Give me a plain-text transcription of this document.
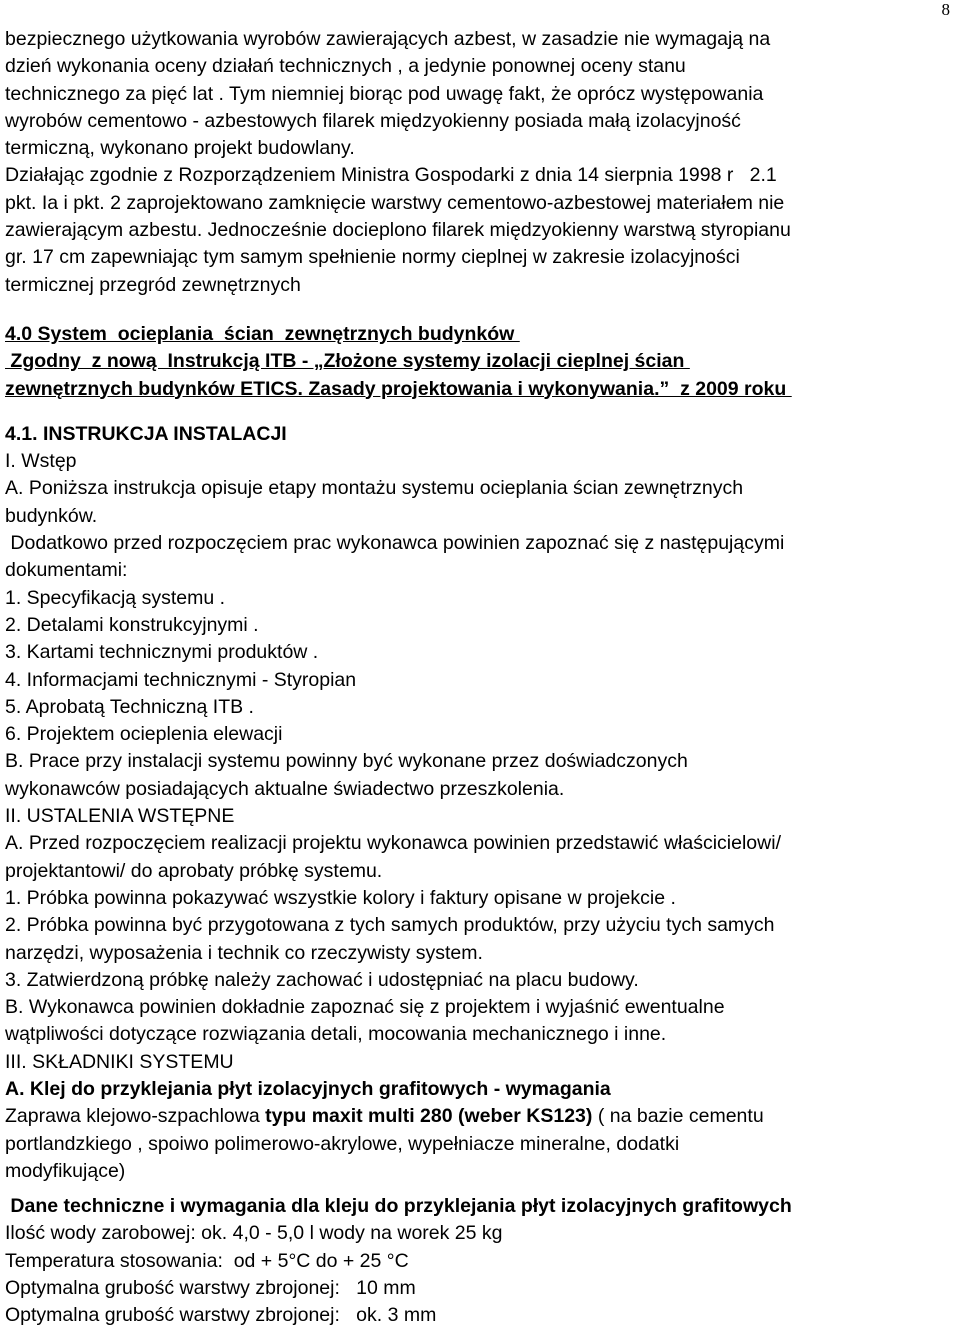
8
bezpiecznego użytkowania wyrobów zawierających azbest, w zasadzie nie wymagają na
dzień wykonania oceny działań technicznych , a jedynie ponownej oceny stanu
technicznego za pięć lat . Tym niemniej biorąc pod uwagę fakt, że oprócz występowania
wyrobów cementowo - azbestowych filarek międzyokienny posiada małą izolacyjność
termiczną, wykonano projekt budowlany.
Działając zgodnie z Rozporządzeniem Ministra Gospodarki z dnia 14 sierpnia 1998 r   2.1
pkt. Ia i pkt. 2 zaprojektowano zamknięcie warstwy cementowo-azbestowej materiałem nie
zawierającym azbestu. Jednocześnie docieplono filarek międzyokienny warstwą styropianu
gr. 17 cm zapewniając tym samym spełnienie normy cieplnej w zakresie izolacyjności
termicznej przegród zewnętrznych
4.0 System  ocieplania  ścian  zewnętrznych budynków
Zgodny  z nową  Instrukcją ITB - „Złożone systemy izolacji cieplnej ścian
zewnętrznych budynków ETICS. Zasady projektowania i wykonywania.”  z 2009 roku
4.1. INSTRUKCJA INSTALACJI
I. Wstęp
A. Poniższa instrukcja opisuje etapy montażu systemu ocieplania ścian zewnętrznych
budynków.
Dodatkowo przed rozpoczęciem prac wykonawca powinien zapoznać się z następującymi
dokumentami:
1. Specyfikacją systemu .
2. Detalami konstrukcyjnymi .
3. Kartami technicznymi produktów .
4. Informacjami technicznymi - Styropian
5. Aprobatą Techniczną ITB .
6. Projektem ocieplenia elewacji
B. Prace przy instalacji systemu powinny być wykonane przez doświadczonych
wykonawców posiadających aktualne świadectwo przeszkolenia.
II. USTALENIA WSTĘPNE
A. Przed rozpoczęciem realizacji projektu wykonawca powinien przedstawić właścicielowi/
projektantowi/ do aprobaty próbkę systemu.
1. Próbka powinna pokazywać wszystkie kolory i faktury opisane w projekcie .
2. Próbka powinna być przygotowana z tych samych produktów, przy użyciu tych samych
narzędzi, wyposażenia i technik co rzeczywisty system.
3. Zatwierdzoną próbkę należy zachować i udostępniać na placu budowy.
B. Wykonawca powinien dokładnie zapoznać się z projektem i wyjaśnić ewentualne
wątpliwości dotyczące rozwiązania detali, mocowania mechanicznego i inne.
III. SKŁADNIKI SYSTEMU
A. Klej do przyklejania płyt izolacyjnych grafitowych - wymagania
Zaprawa klejowo-szpachlowa typu maxit multi 280 (weber KS123) ( na bazie cementu
portlandzkiego , spoiwo polimerowo-akrylowe, wypełniacze mineralne, dodatki
modyfikujące)
Dane techniczne i wymagania dla kleju do przyklejania płyt izolacyjnych grafitowych
Ilość wody zarobowej: ok. 4,0 - 5,0 l wody na worek 25 kg
Temperatura stosowania:  od + 5°C do + 25 °C
Optymalna grubość warstwy zbrojonej:   10 mm
Optymalna grubość warstwy zbrojonej:   ok. 3 mm
